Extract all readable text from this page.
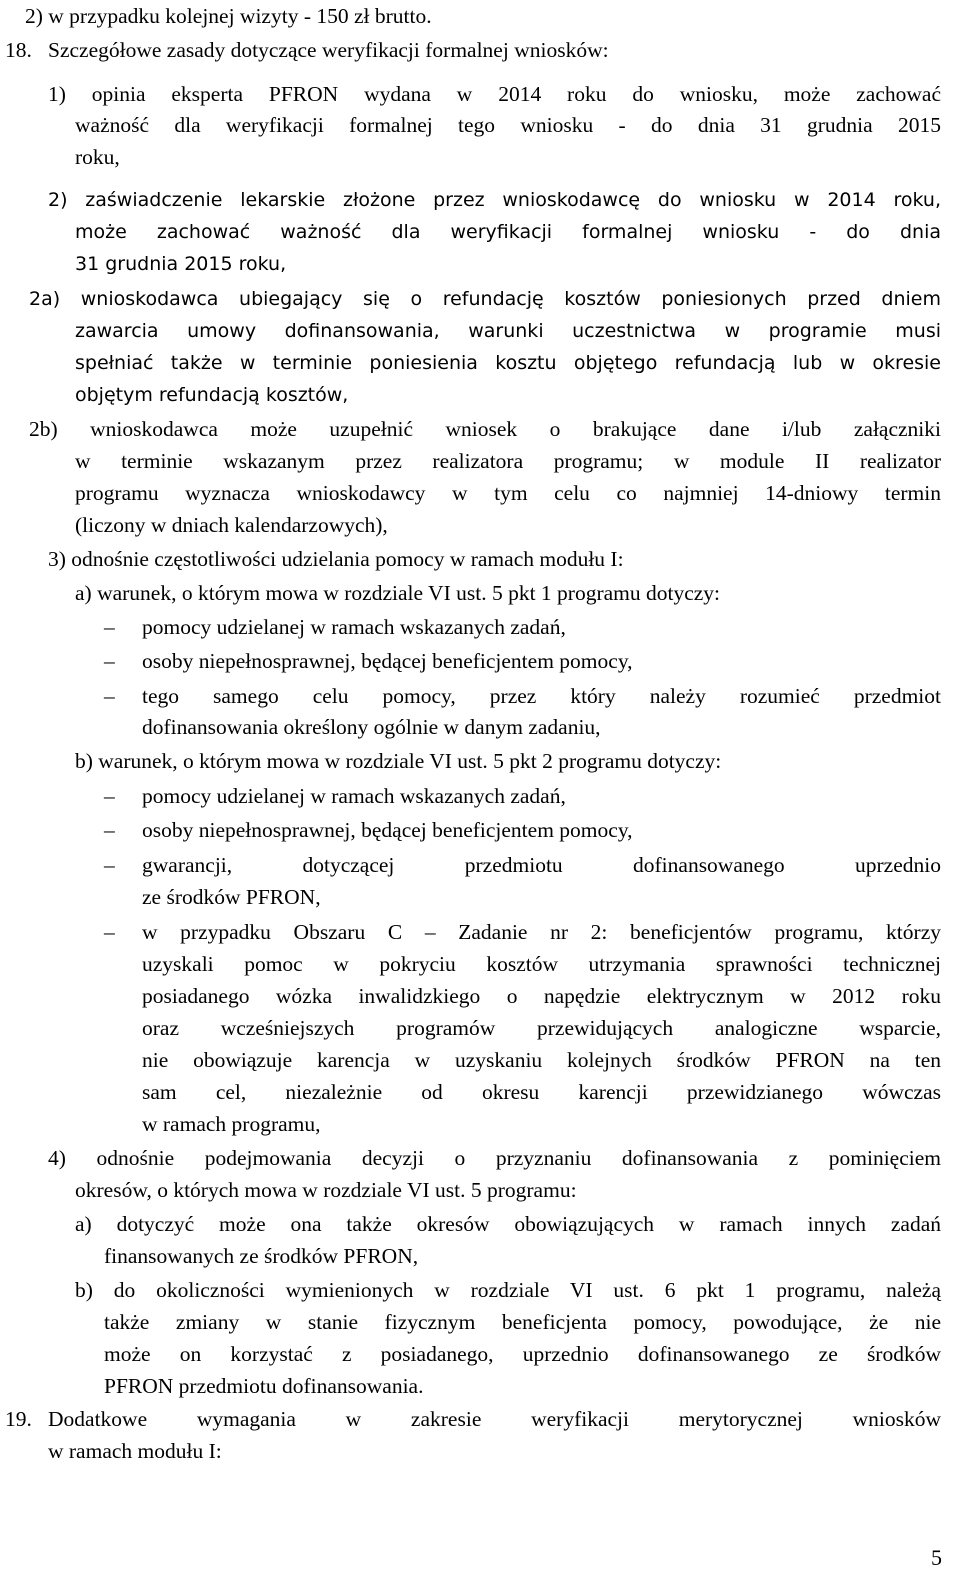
2) w przypadku kolejnej wizyty - 150 zł brutto.
18. Szczegółowe zasady dotyczące weryfikacji formalnej wniosków:
1) opinia eksperta PFRON wydana w 2014 roku do wniosku, może zachować
ważność dla weryfikacji formalnej tego wniosku - do dnia 31 grudnia 2015
roku,
2) zaświadczenie lekarskie złożone przez wnioskodawcę do wniosku w 2014 roku,
może zachować ważność dla weryfikacji formalnej wniosku - do dnia
31 grudnia 2015 roku,
2a) wnioskodawca ubiegający się o refundację kosztów poniesionych przed dniem
zawarcia umowy dofinansowania, warunki uczestnictwa w programie musi
spełniać także w terminie poniesienia kosztu objętego refundacją lub w okresie
objętym refundacją kosztów,
2b) wnioskodawca może uzupełnić wniosek o brakujące dane i/lub załączniki
w terminie wskazanym przez realizatora programu; w module II realizator
programu wyznacza wnioskodawcy w tym celu co najmniej 14-dniowy termin
(liczony w dniach kalendarzowych),
3) odnośnie częstotliwości udzielania pomocy w ramach modułu I:
a) warunek, o którym mowa w rozdziale VI ust. 5 pkt 1 programu dotyczy:
– pomocy udzielanej w ramach wskazanych zadań,
– osoby niepełnosprawnej, będącej beneficjentem pomocy,
– tego samego celu pomocy, przez który należy rozumieć przedmiot
dofinansowania określony ogólnie w danym zadaniu,
b) warunek, o którym mowa w rozdziale VI ust. 5 pkt 2 programu dotyczy:
– pomocy udzielanej w ramach wskazanych zadań,
– osoby niepełnosprawnej, będącej beneficjentem pomocy,
– gwarancji, dotyczącej przedmiotu dofinansowanego uprzednio
ze środków PFRON,
– w przypadku Obszaru C – Zadanie nr 2: beneficjentów programu, którzy
uzyskali pomoc w pokryciu kosztów utrzymania sprawności technicznej
posiadanego wózka inwalidzkiego o napędzie elektrycznym w 2012 roku
oraz wcześniejszych programów przewidujących analogiczne wsparcie,
nie obowiązuje karencja w uzyskaniu kolejnych środków PFRON na ten
sam cel, niezależnie od okresu karencji przewidzianego wówczas
w ramach programu,
4) odnośnie podejmowania decyzji o przyznaniu dofinansowania z pominięciem
okresów, o których mowa w rozdziale VI ust. 5 programu:
a) dotyczyć może ona także okresów obowiązujących w ramach innych zadań
finansowanych ze środków PFRON,
b) do okoliczności wymienionych w rozdziale VI ust. 6 pkt 1 programu, należą
także zmiany w stanie fizycznym beneficjenta pomocy, powodujące, że nie
może on korzystać z posiadanego, uprzednio dofinansowanego ze środków
PFRON przedmiotu dofinansowania.
19. Dodatkowe wymagania w zakresie weryfikacji merytorycznej wniosków
w ramach modułu I:
5
